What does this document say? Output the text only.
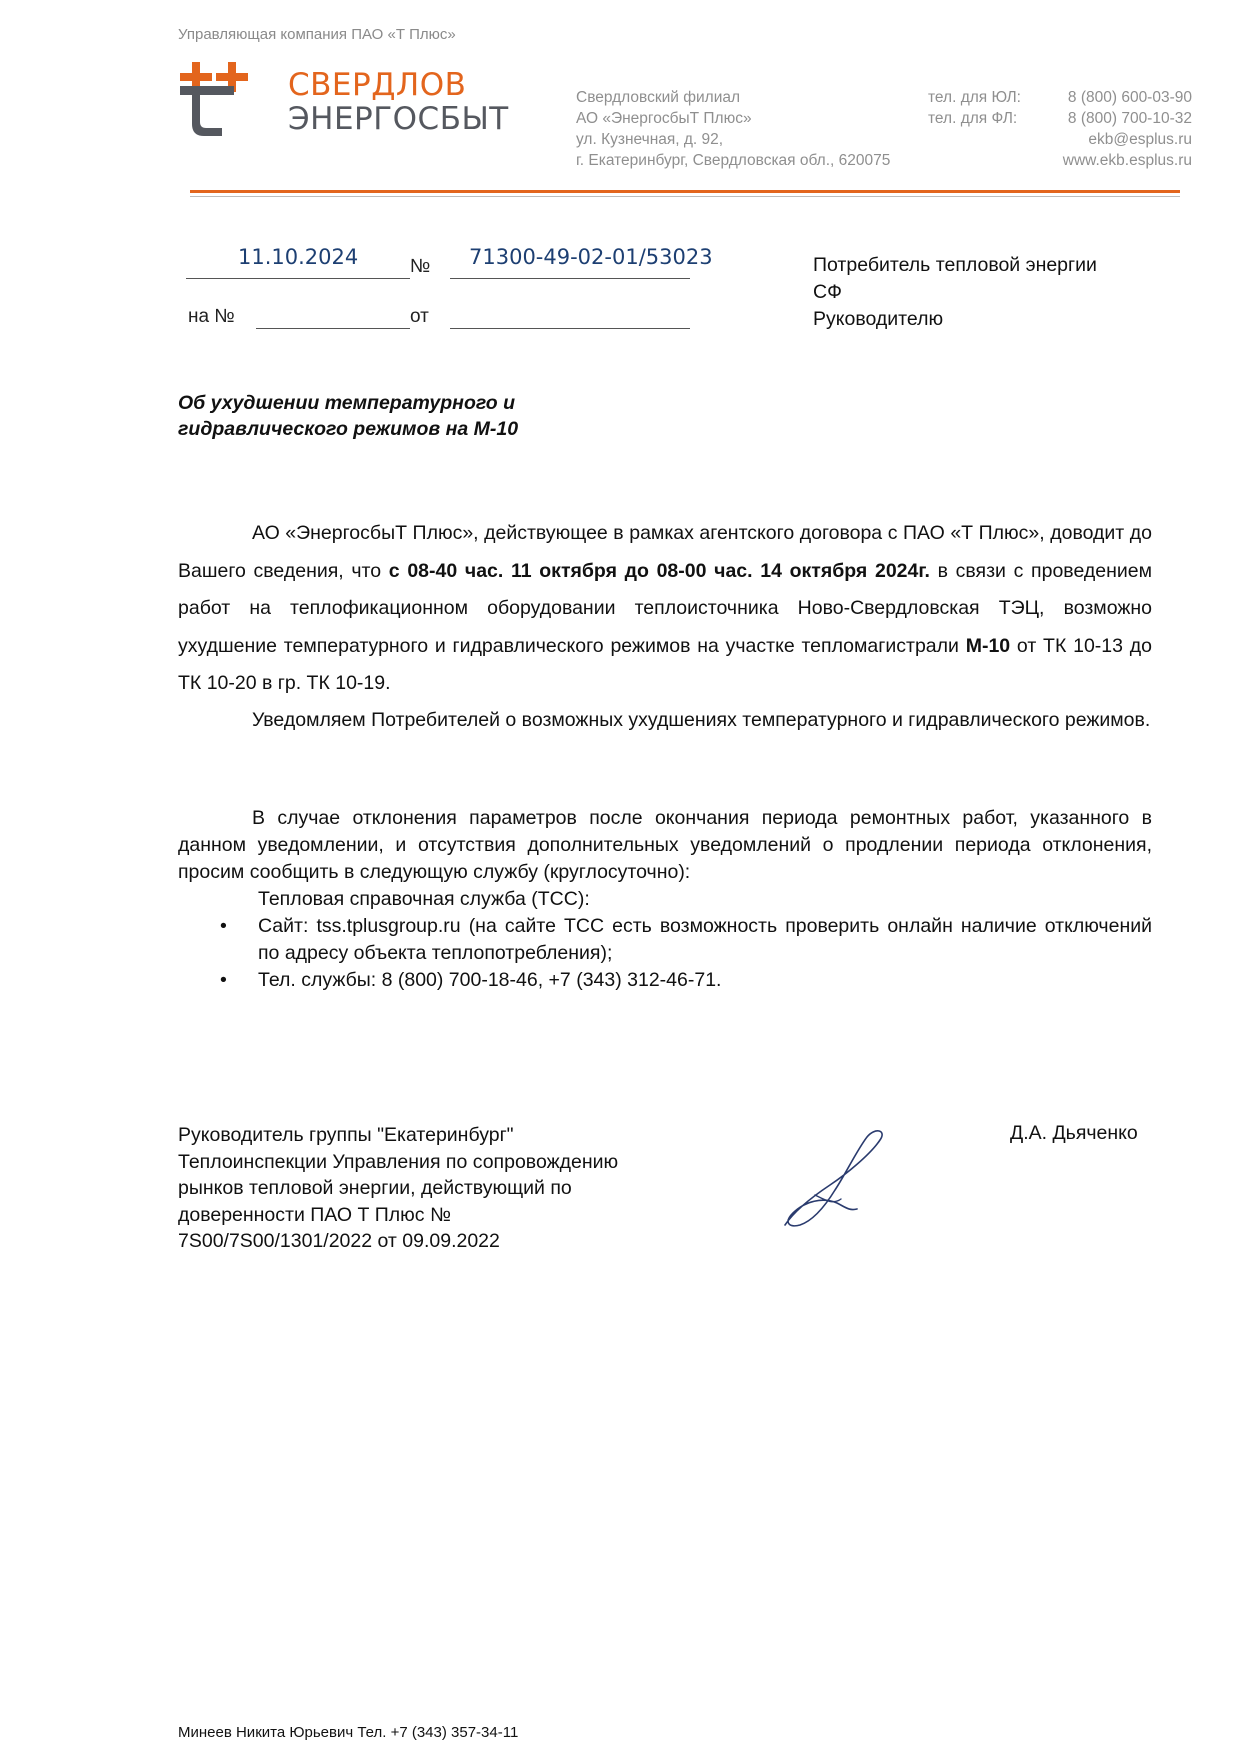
Управляющая компания ПАО «Т Плюс»
СВЕРДЛОВ
ЭНЕРГОСБЫТ
Свердловский филиал
АО «ЭнергосбыТ Плюс»
ул. Кузнечная, д. 92,
г. Екатеринбург, Свердловская обл., 620075
тел. для ЮЛ:	8 (800) 600-03-90
тел. для ФЛ:	8 (800) 700-10-32
ekb@esplus.ru
www.ekb.esplus.ru
11.10.2024	№ 71300-49-02-01/53023
на №	от
Потребитель тепловой энергии
СФ
Руководителю
Об ухудшении температурного и
гидравлического режимов на М-10

АО «ЭнергосбыТ Плюс», действующее в рамках агентского договора с ПАО «Т Плюс», доводит до Вашего сведения, что с 08-40 час. 11 октября до 08-00 час. 14 октября 2024г. в связи с проведением работ на теплофикационном оборудовании теплоисточника Ново-Свердловская ТЭЦ, возможно ухудшение температурного и гидравлического режимов на участке тепломагистрали М-10 от ТК 10-13 до ТК 10-20 в гр. ТК 10-19.

Уведомляем Потребителей о возможных ухудшениях температурного и гидравлического режимов.

В случае отклонения параметров после окончания периода ремонтных работ, указанного в данном уведомлении, и отсутствия дополнительных уведомлений о продлении периода отклонения, просим сообщить в следующую службу (круглосуточно):

Тепловая справочная служба (ТСС):
• Сайт: tss.tplusgroup.ru (на сайте ТСС есть возможность проверить онлайн наличие отключений по адресу объекта теплопотребления);
• Тел. службы: 8 (800) 700-18-46, +7 (343) 312-46-71.
Руководитель группы "Екатеринбург"
Теплоинспекции Управления по сопровождению
рынков тепловой энергии, действующий по
доверенности ПАО Т Плюс №
7S00/7S00/1301/2022 от 09.09.2022
Д.А. Дьяченко
Минеев Никита Юрьевич Тел. +7 (343) 357-34-11
